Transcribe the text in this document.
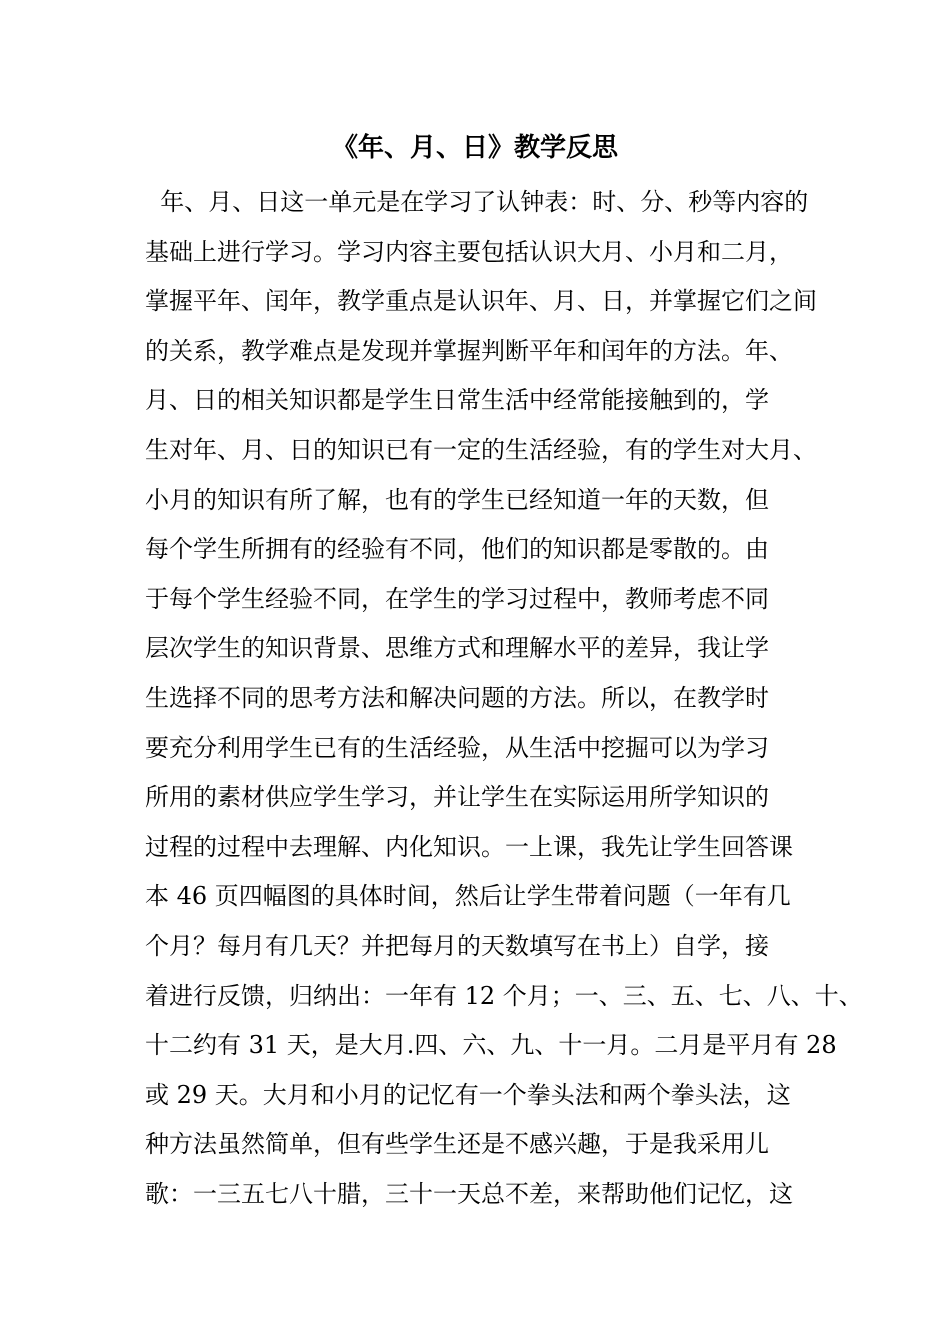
《年、月、日》教学反思
年、月、日这一单元是在学习了认钟表：时、分、秒等内容的
基础上进行学习。学习内容主要包括认识大月、小月和二月，
掌握平年、闰年，教学重点是认识年、月、日，并掌握它们之间
的关系，教学难点是发现并掌握判断平年和闰年的方法。年、
月、日的相关知识都是学生日常生活中经常能接触到的，学
生对年、月、日的知识已有一定的生活经验，有的学生对大月、
小月的知识有所了解，也有的学生已经知道一年的天数，但
每个学生所拥有的经验有不同，他们的知识都是零散的。由
于每个学生经验不同，在学生的学习过程中，教师考虑不同
层次学生的知识背景、思维方式和理解水平的差异，我让学
生选择不同的思考方法和解决问题的方法。所以，在教学时
要充分利用学生已有的生活经验，从生活中挖掘可以为学习
所用的素材供应学生学习，并让学生在实际运用所学知识的
过程的过程中去理解、内化知识。一上课，我先让学生回答课
本 46 页四幅图的具体时间，然后让学生带着问题（一年有几
个月？每月有几天？并把每月的天数填写在书上）自学，接
着进行反馈，归纳出：一年有 12 个月；一、三、五、七、八、十、
十二约有 31 天，是大月.四、六、九、十一月。二月是平月有 28
或 29 天。大月和小月的记忆有一个拳头法和两个拳头法，这
种方法虽然简单，但有些学生还是不感兴趣，于是我采用儿
歌：一三五七八十腊，三十一天总不差，来帮助他们记忆，这
